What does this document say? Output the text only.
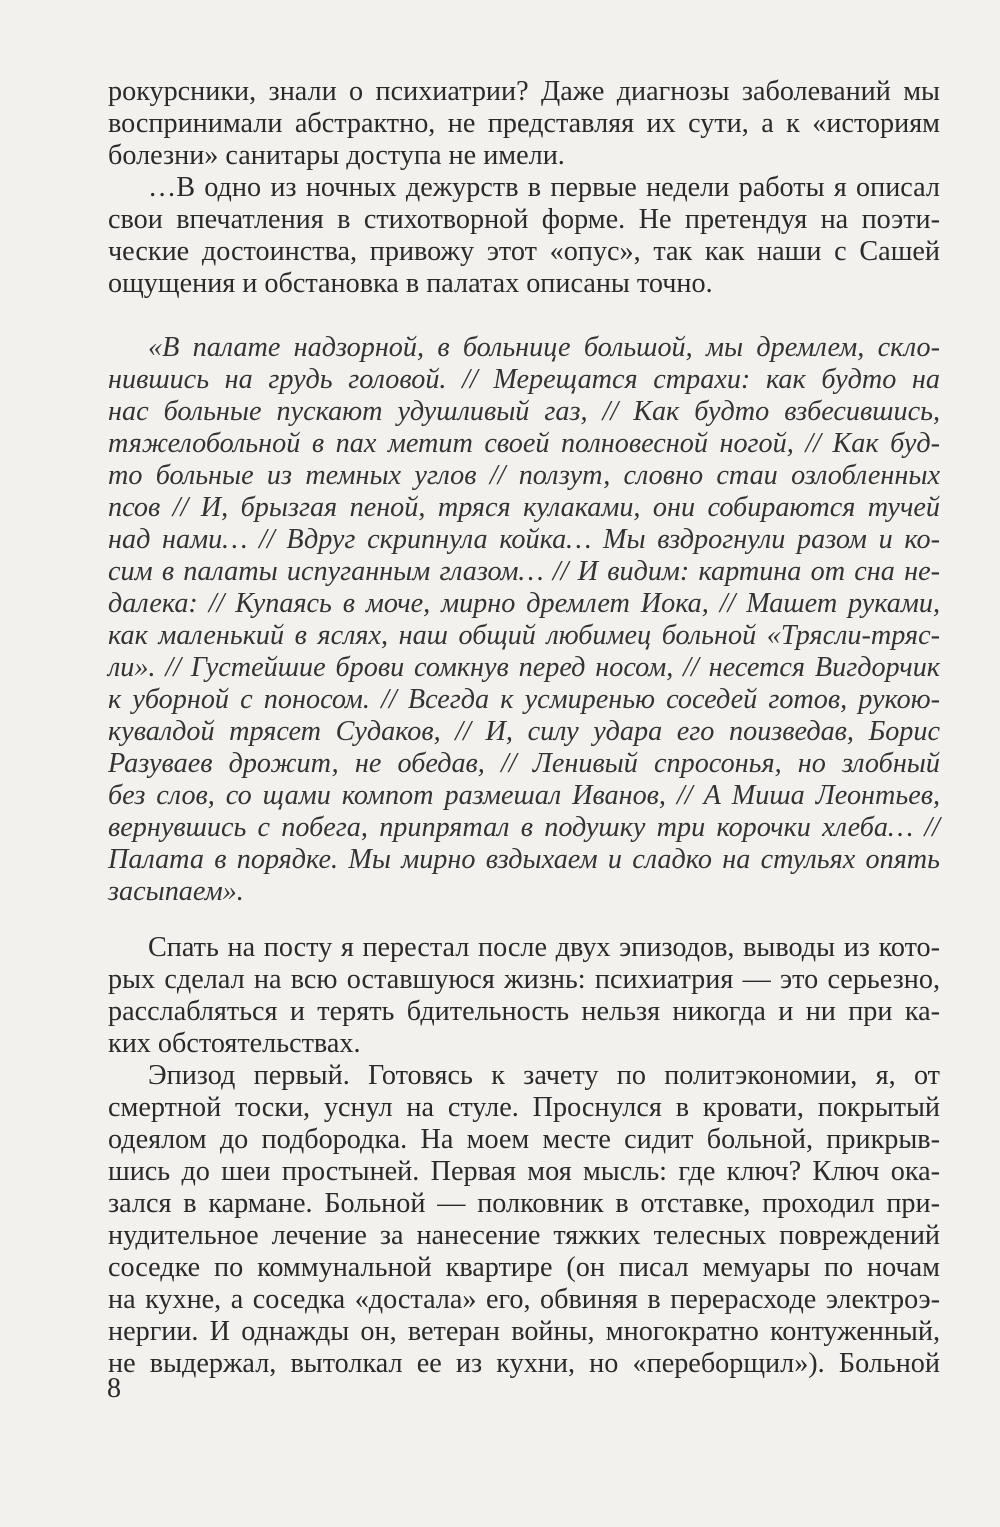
рокурсники, знали о психиатрии? Даже диагнозы заболеваний мы
воспринимали абстрактно, не представляя их сути, а к «историям
болезни» санитары доступа не имели.
…В одно из ночных дежурств в первые недели работы я описал
свои впечатления в стихотворной форме. Не претендуя на поэти-
ческие достоинства, привожу этот «опус», так как наши с Сашей
ощущения и обстановка в палатах описаны точно.
«В палате надзорной, в больнице большой, мы дремлем, скло-
нившись на грудь головой. // Мерещатся страхи: как будто на
нас больные пускают удушливый газ, // Как будто взбесившись,
тяжелобольной в пах метит своей полновесной ногой, // Как буд-
то больные из темных углов // ползут, словно стаи озлобленных
псов // И, брызгая пеной, тряся кулаками, они собираются тучей
над нами… // Вдруг скрипнула койка… Мы вздрогнули разом и ко-
сим в палаты испуганным глазом… // И видим: картина от сна не-
далека: // Купаясь в моче, мирно дремлет Иока, // Машет руками,
как маленький в яслях, наш общий любимец больной «Трясли-тряс-
ли». // Густейшие брови сомкнув перед носом, // несется Вигдорчик
к уборной с поносом. // Всегда к усмиренью соседей готов, рукою-
кувалдой трясет Судаков, // И, силу удара его поизведав, Борис
Разуваев дрожит, не обедав, // Ленивый спросонья, но злобный
без слов, со щами компот размешал Иванов, // А Миша Леонтьев,
вернувшись с побега, припрятал в подушку три корочки хлеба… //
Палата в порядке. Мы мирно вздыхаем и сладко на стульях опять
засыпаем».
Спать на посту я перестал после двух эпизодов, выводы из кото-
рых сделал на всю оставшуюся жизнь: психиатрия — это серьезно,
расслабляться и терять бдительность нельзя никогда и ни при ка-
ких обстоятельствах.
Эпизод первый. Готовясь к зачету по политэкономии, я, от
смертной тоски, уснул на стуле. Проснулся в кровати, покрытый
одеялом до подбородка. На моем месте сидит больной, прикрыв-
шись до шеи простыней. Первая моя мысль: где ключ? Ключ ока-
зался в кармане. Больной — полковник в отставке, проходил при-
нудительное лечение за нанесение тяжких телесных повреждений
соседке по коммунальной квартире (он писал мемуары по ночам
на кухне, а соседка «достала» его, обвиняя в перерасходе электроэ-
нергии. И однажды он, ветеран войны, многократно контуженный,
не выдержал, вытолкал ее из кухни, но «переборщил»). Больной
8
